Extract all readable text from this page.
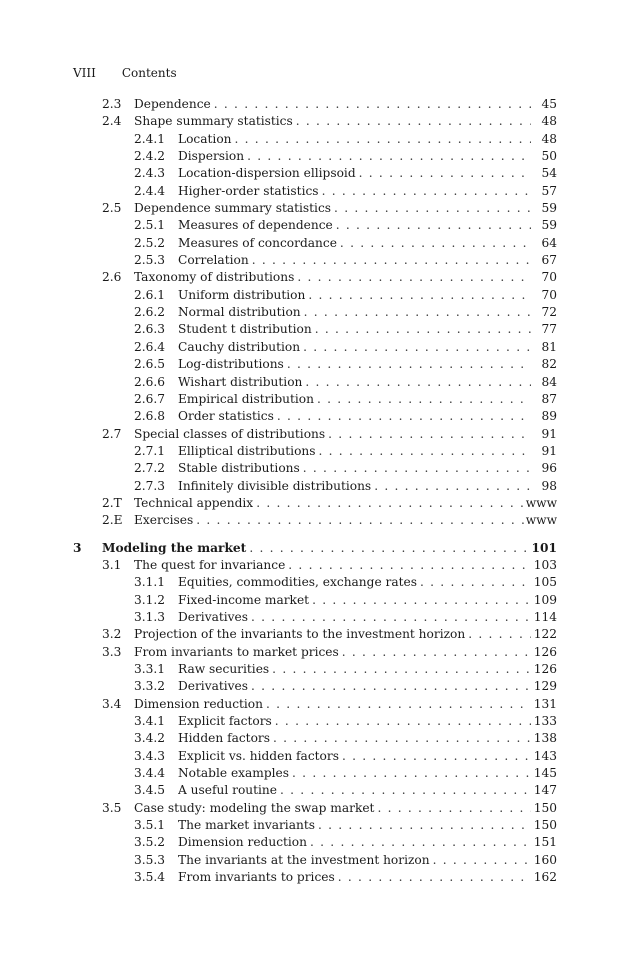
VIII Contents
2.3 Dependence . . .	45
2.4 Shape summary statistics . . .	48
2.4.1 Location . . .	48
2.4.2 Dispersion . . .	50
2.4.3 Location-dispersion ellipsoid . . .	54
2.4.4 Higher-order statistics . . .	57
2.5 Dependence summary statistics . . .	59
2.5.1 Measures of dependence . . .	59
2.5.2 Measures of concordance . . .	64
2.5.3 Correlation . . .	67
2.6 Taxonomy of distributions . . .	70
2.6.1 Uniform distribution . . .	70
2.6.2 Normal distribution . . .	72
2.6.3 Student t distribution . . .	77
2.6.4 Cauchy distribution . . .	81
2.6.5 Log-distributions . . .	82
2.6.6 Wishart distribution . . .	84
2.6.7 Empirical distribution . . .	87
2.6.8 Order statistics . . .	89
2.7 Special classes of distributions . . .	91
2.7.1 Elliptical distributions . . .	91
2.7.2 Stable distributions . . .	96
2.7.3 Infinitely divisible distributions . . .	98
2.T Technical appendix . . .	www
2.E Exercises . . .	www
3 Modeling the market . . .	101
3.1 The quest for invariance . . .	103
3.1.1 Equities, commodities, exchange rates . . .	105
3.1.2 Fixed-income market . . .	109
3.1.3 Derivatives . . .	114
3.2 Projection of the invariants to the investment horizon . . .	122
3.3 From invariants to market prices . . .	126
3.3.1 Raw securities . . .	126
3.3.2 Derivatives . . .	129
3.4 Dimension reduction . . .	131
3.4.1 Explicit factors . . .	133
3.4.2 Hidden factors . . .	138
3.4.3 Explicit vs. hidden factors . . .	143
3.4.4 Notable examples . . .	145
3.4.5 A useful routine . . .	147
3.5 Case study: modeling the swap market . . .	150
3.5.1 The market invariants . . .	150
3.5.2 Dimension reduction . . .	151
3.5.3 The invariants at the investment horizon . . .	160
3.5.4 From invariants to prices . . .	162
